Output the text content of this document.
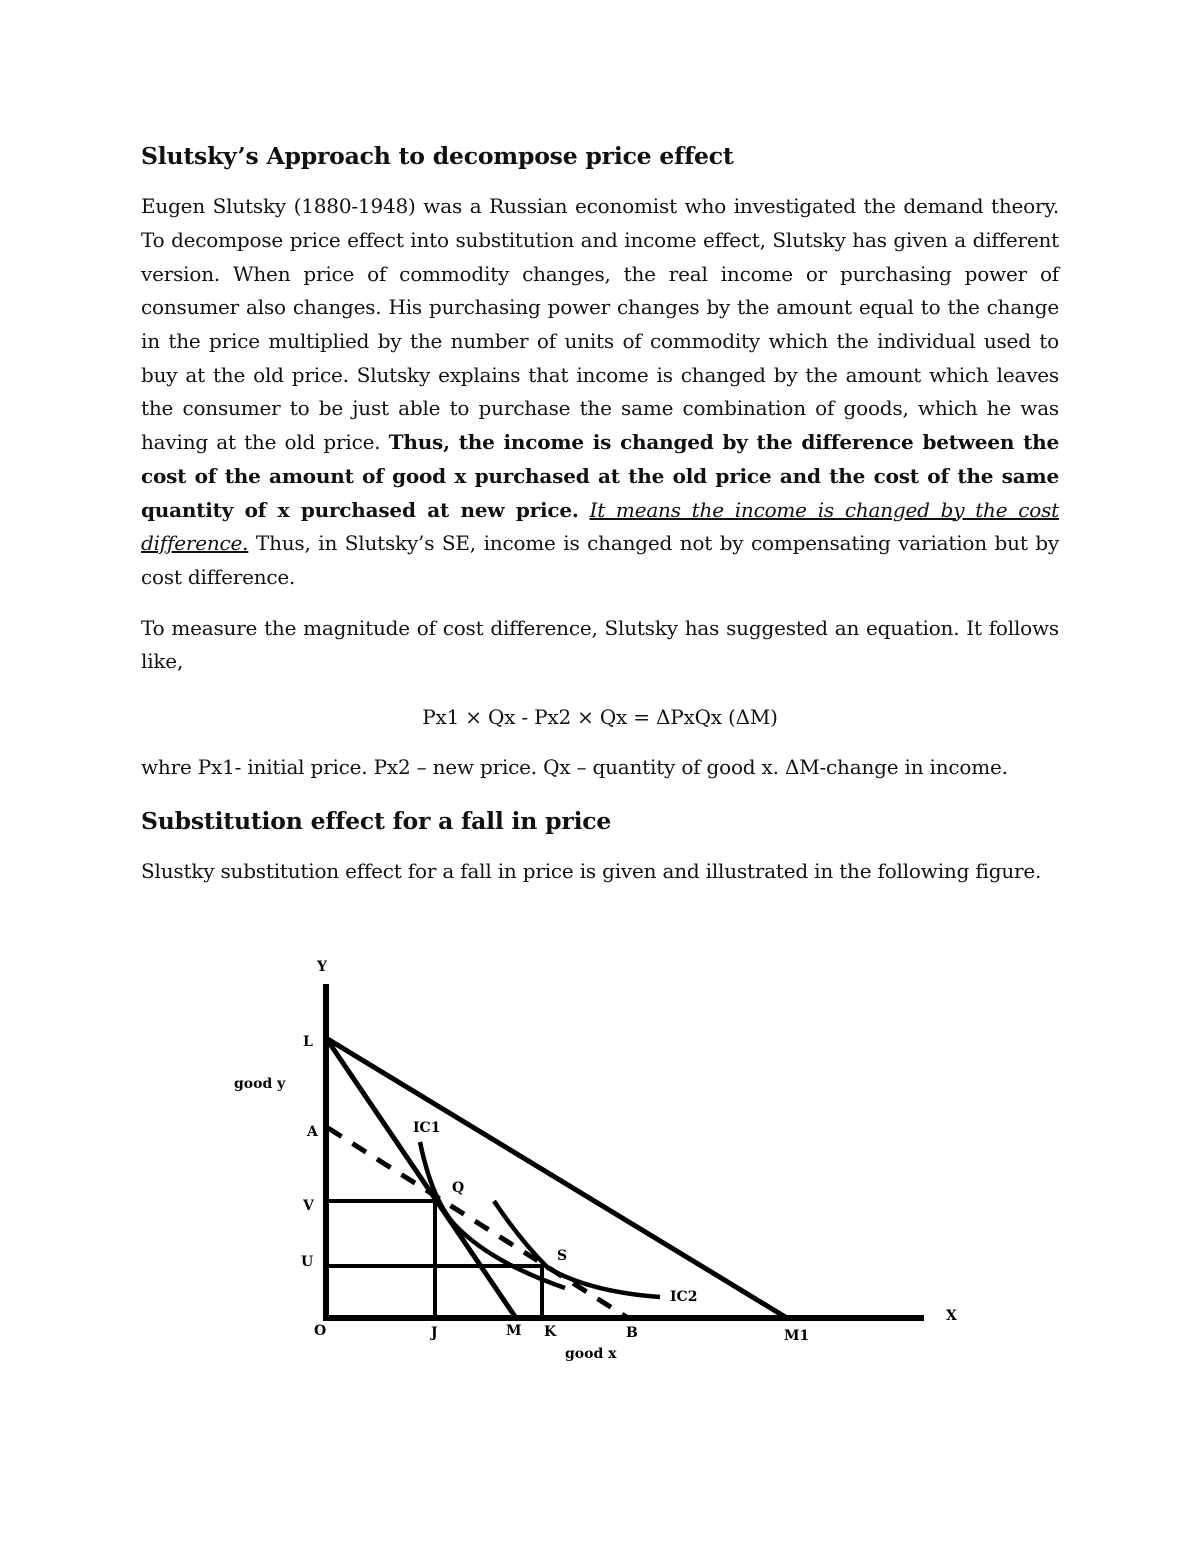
Slutsky’s Approach to decompose price effect

Eugen Slutsky (1880-1948) was a Russian economist who investigated the demand theory. To decompose price effect into substitution and income effect, Slutsky has given a different version. When price of commodity changes, the real income or purchasing power of consumer also changes. His purchasing power changes by the amount equal to the change in the price multiplied by the number of units of commodity which the individual used to buy at the old price. Slutsky explains that income is changed by the amount which leaves the consumer to be just able to purchase the same combination of goods, which he was having at the old price. Thus, the income is changed by the difference between the cost of the amount of good x purchased at the old price and the cost of the same quantity of x purchased at new price. It means the income is changed by the cost difference. Thus, in Slutsky’s SE, income is changed not by compensating variation but by cost difference.

To measure the magnitude of cost difference, Slutsky has suggested an equation. It follows like,

Px1 × Qx - Px2 × Qx = ΔPxQx (ΔM)

whre Px1- initial price. Px2 – new price. Qx – quantity of good x. ΔM-change in income.

Substitution effect for a fall in price

Slustky substitution effect for a fall in price is given and illustrated in the following figure.

Y
L
good y
A	IC1
Q
V
S
U
IC2
X
O	J	M K	B	M1
good x
